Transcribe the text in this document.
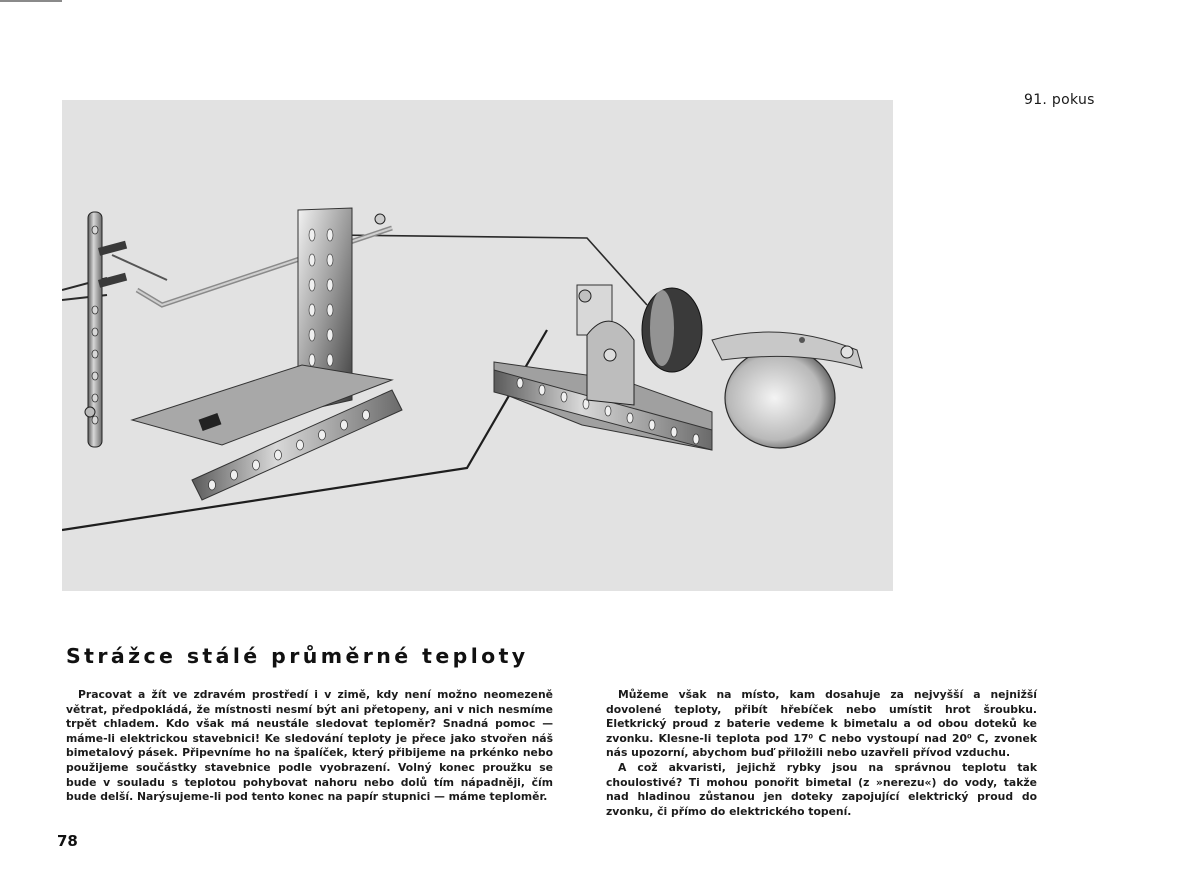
91. pokus
Strážce stálé průměrné teploty

Pracovat a žít ve zdravém prostředí i v zimě, kdy není možno neomezeně větrat, předpokládá, že místnosti nesmí být ani přetopeny, ani v nich nesmíme trpět chladem. Kdo však má neustále sledovat teploměr? Snadná pomoc — máme-li elektrickou stavebnici! Ke sledování teploty je přece jako stvořen náš bimetalový pásek. Připevníme ho na špalíček, který přibijeme na prkénko nebo použijeme součástky stavebnice podle vyobrazení. Volný konec proužku se bude v souladu s teplotou pohybovat nahoru nebo dolů tím nápadněji, čím bude delší. Narýsujeme-li pod tento konec na papír stupnici — máme teploměr.

Můžeme však na místo, kam dosahuje za nejvyšší a nejnižší dovolené teploty, přibít hřebíček nebo umístit hrot šroubku. Eletkrický proud z baterie vedeme k bimetalu a od obou doteků ke zvonku. Klesne-li teplota pod 17⁰ C nebo vystoupí nad 20⁰ C, zvonek nás upozorní, abychom buď přiložili nebo uzavřeli přívod vzduchu.

A což akvaristi, jejichž rybky jsou na správnou teplotu tak choulostivé? Ti mohou ponořit bimetal (z »nerezu«) do vody, takže nad hladinou zůstanou jen doteky zapojující elektrický proud do zvonku, či přímo do elektrického topení.

78
